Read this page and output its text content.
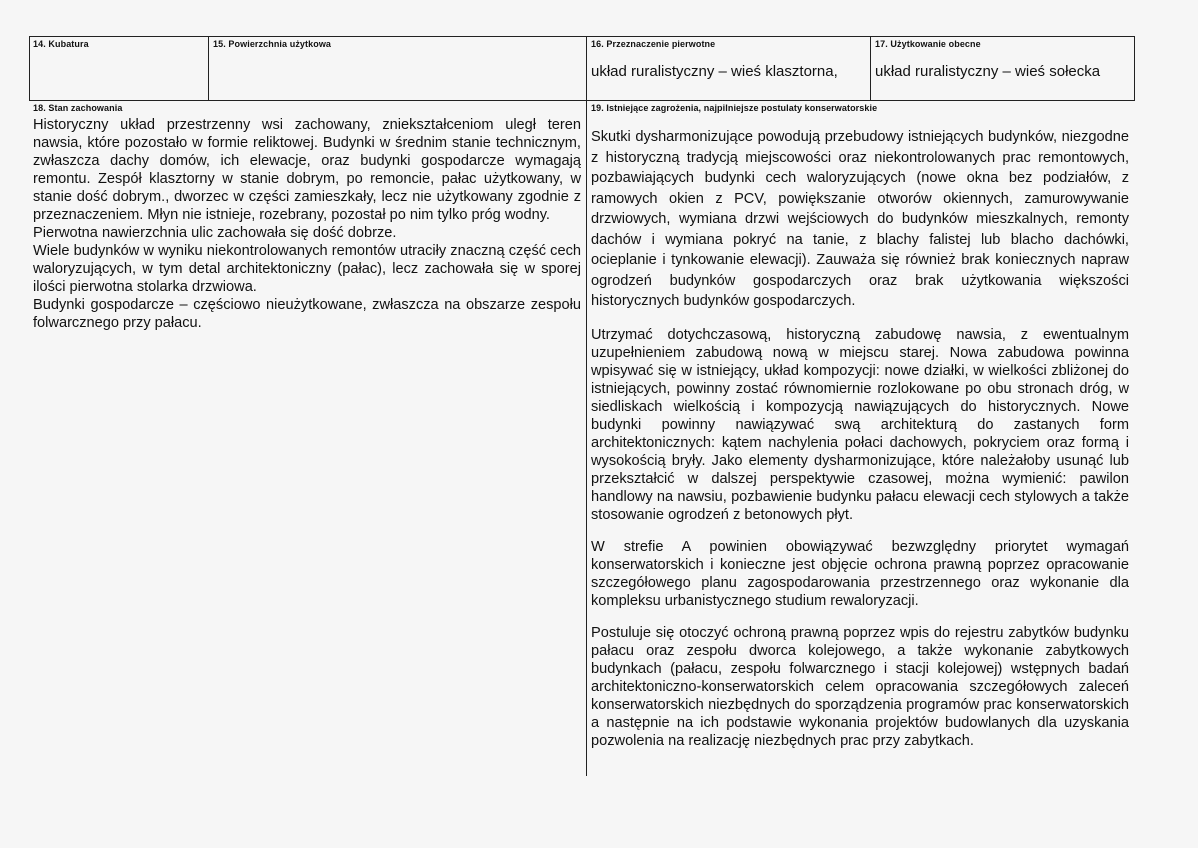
14. Kubatura	15. Powierzchnia użytkowa	16. Przeznaczenie pierwotne
układ ruralistyczny – wieś klasztorna,
17. Użytkowanie obecne
układ ruralistyczny – wieś sołecka
18. Stan zachowania

Historyczny układ przestrzenny wsi zachowany, zniekształceniom uległ teren nawsia, które pozostało w formie reliktowej. Budynki w średnim stanie technicznym, zwłaszcza dachy domów, ich elewacje, oraz budynki gospodarcze wymagają remontu. Zespół klasztorny w stanie dobrym, po remoncie, pałac użytkowany, w stanie dość dobrym., dworzec w części zamieszkały, lecz nie użytkowany zgodnie z przeznaczeniem. Młyn nie istnieje, rozebrany, pozostał po nim tylko próg wodny.

Pierwotna nawierzchnia ulic zachowała się dość dobrze.

Wiele budynków w wyniku niekontrolowanych remontów utraciły znaczną część cech waloryzujących, w tym detal architektoniczny (pałac), lecz zachowała się w sporej ilości pierwotna stolarka drzwiowa.

Budynki gospodarcze – częściowo nieużytkowane, zwłaszcza na obszarze zespołu folwarcznego przy pałacu.

19. Istniejące zagrożenia, najpilniejsze postulaty konserwatorskie

Skutki dysharmonizujące powodują przebudowy istniejących budynków, niezgodne z historyczną tradycją miejscowości oraz niekontrolowanych prac remontowych, pozbawiających budynki cech waloryzujących (nowe okna bez podziałów, z ramowych okien z PCV, powiększanie otworów okiennych, zamurowywanie drzwiowych, wymiana drzwi wejściowych do budynków mieszkalnych, remonty dachów i wymiana pokryć na tanie, z blachy falistej lub blacho dachówki, ocieplanie i tynkowanie elewacji). Zauważa się również brak koniecznych napraw ogrodzeń budynków gospodarczych oraz brak użytkowania większości historycznych budynków gospodarczych.

Utrzymać dotychczasową, historyczną zabudowę nawsia, z ewentualnym uzupełnieniem zabudową nową w miejscu starej. Nowa zabudowa powinna wpisywać się w istniejący, układ kompozycji: nowe działki, w wielkości zbliżonej do istniejących, powinny zostać równomiernie rozlokowane po obu stronach dróg, w siedliskach wielkością i kompozycją nawiązujących do historycznych. Nowe budynki powinny nawiązywać swą architekturą do zastanych form architektonicznych: kątem nachylenia połaci dachowych, pokryciem oraz formą i wysokością bryły. Jako elementy dysharmonizujące, które należałoby usunąć lub przekształcić w dalszej perspektywie czasowej, można wymienić: pawilon handlowy na nawsiu, pozbawienie budynku pałacu elewacji cech stylowych a także stosowanie ogrodzeń z betonowych płyt.

W strefie A powinien obowiązywać bezwzględny priorytet wymagań konserwatorskich i konieczne jest objęcie ochrona prawną poprzez opracowanie szczegółowego planu zagospodarowania przestrzennego oraz wykonanie dla kompleksu urbanistycznego studium rewaloryzacji.

Postuluje się otoczyć ochroną prawną poprzez wpis do rejestru zabytków budynku pałacu oraz zespołu dworca kolejowego, a także wykonanie zabytkowych budynkach (pałacu, zespołu folwarcznego i stacji kolejowej) wstępnych badań architektoniczno-konserwatorskich celem opracowania szczegółowych zaleceń konserwatorskich niezbędnych do sporządzenia programów prac konserwatorskich a następnie na ich podstawie wykonania projektów budowlanych dla uzyskania pozwolenia na realizację niezbędnych prac przy zabytkach.
